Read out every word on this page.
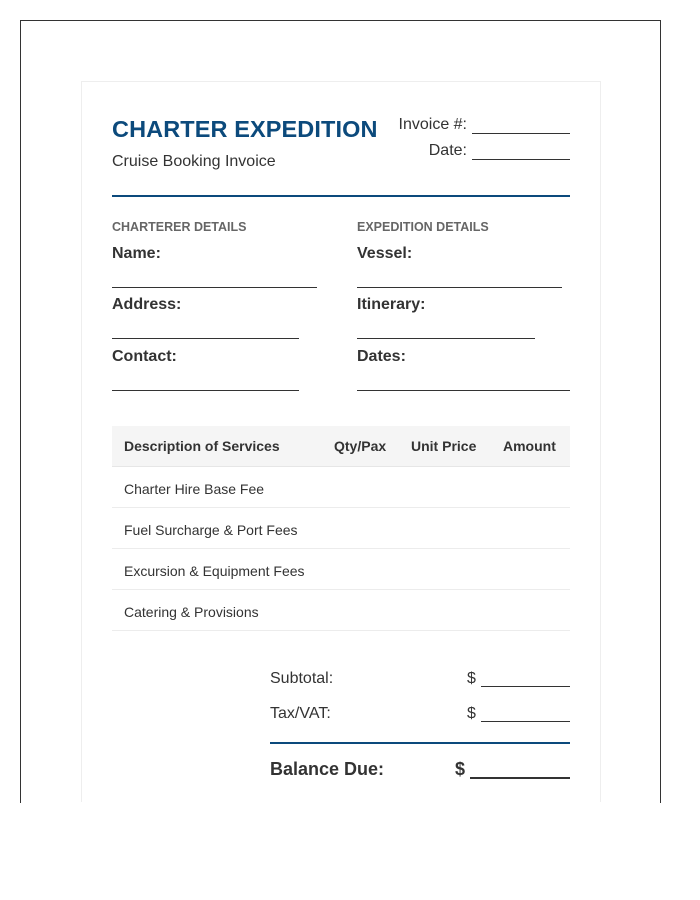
CHARTER EXPEDITION
Cruise Booking Invoice
Invoice #:
Date:
CHARTERER DETAILS
Name:
Address:
Contact:
EXPEDITION DETAILS
Vessel:
Itinerary:
Dates:
Description of Services	Qty/Pax Unit Price Amount
Charter Hire Base Fee
Fuel Surcharge & Port Fees
Excursion & Equipment Fees
Catering & Provisions
Subtotal:	$
Tax/VAT:	$
Balance Due:	$
